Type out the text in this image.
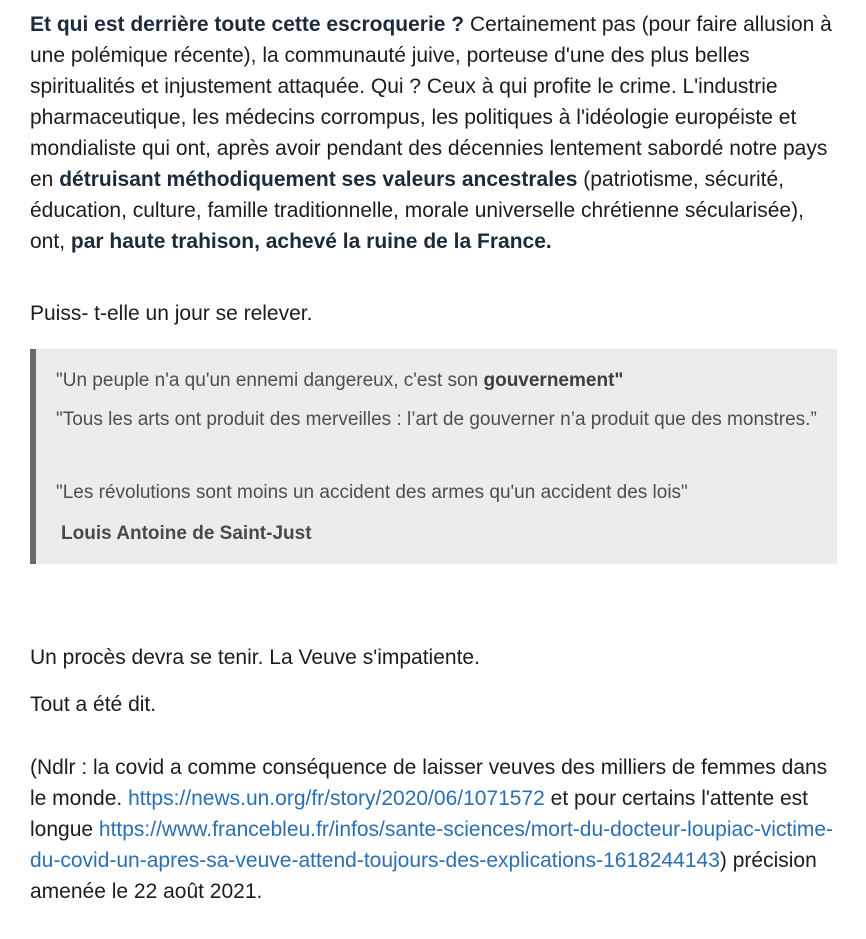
Et qui est derrière toute cette escroquerie ? Certainement pas (pour faire allusion à une polémique récente), la communauté juive, porteuse d'une des plus belles spiritualités et injustement attaquée. Qui ? Ceux à qui profite le crime. L'industrie pharmaceutique, les médecins corrompus, les politiques à l'idéologie européiste et mondialiste qui ont, après avoir pendant des décennies lentement sabordé notre pays en détruisant méthodiquement ses valeurs ancestrales (patriotisme, sécurité, éducation, culture, famille traditionnelle, morale universelle chrétienne sécularisée), ont, par haute trahison, achevé la ruine de la France.

Puiss- t-elle un jour se relever.

"Un peuple n'a qu'un ennemi dangereux, c'est son gouvernement"

"Tous les arts ont produit des merveilles : l’art de gouverner n’a produit que des monstres.”

"Les révolutions sont moins un accident des armes qu'un accident des lois"

Louis Antoine de Saint-Just

Un procès devra se tenir. La Veuve s'impatiente.

Tout a été dit.

(Ndlr : la covid a comme conséquence de laisser veuves des milliers de femmes dans le monde. https://news.un.org/fr/story/2020/06/1071572 et pour certains l'attente est longue https://www.francebleu.fr/infos/sante-sciences/mort-du-docteur-loupiac-victime-du-covid-un-apres-sa-veuve-attend-toujours-des-explications-1618244143) précision amenée le 22 août 2021.
